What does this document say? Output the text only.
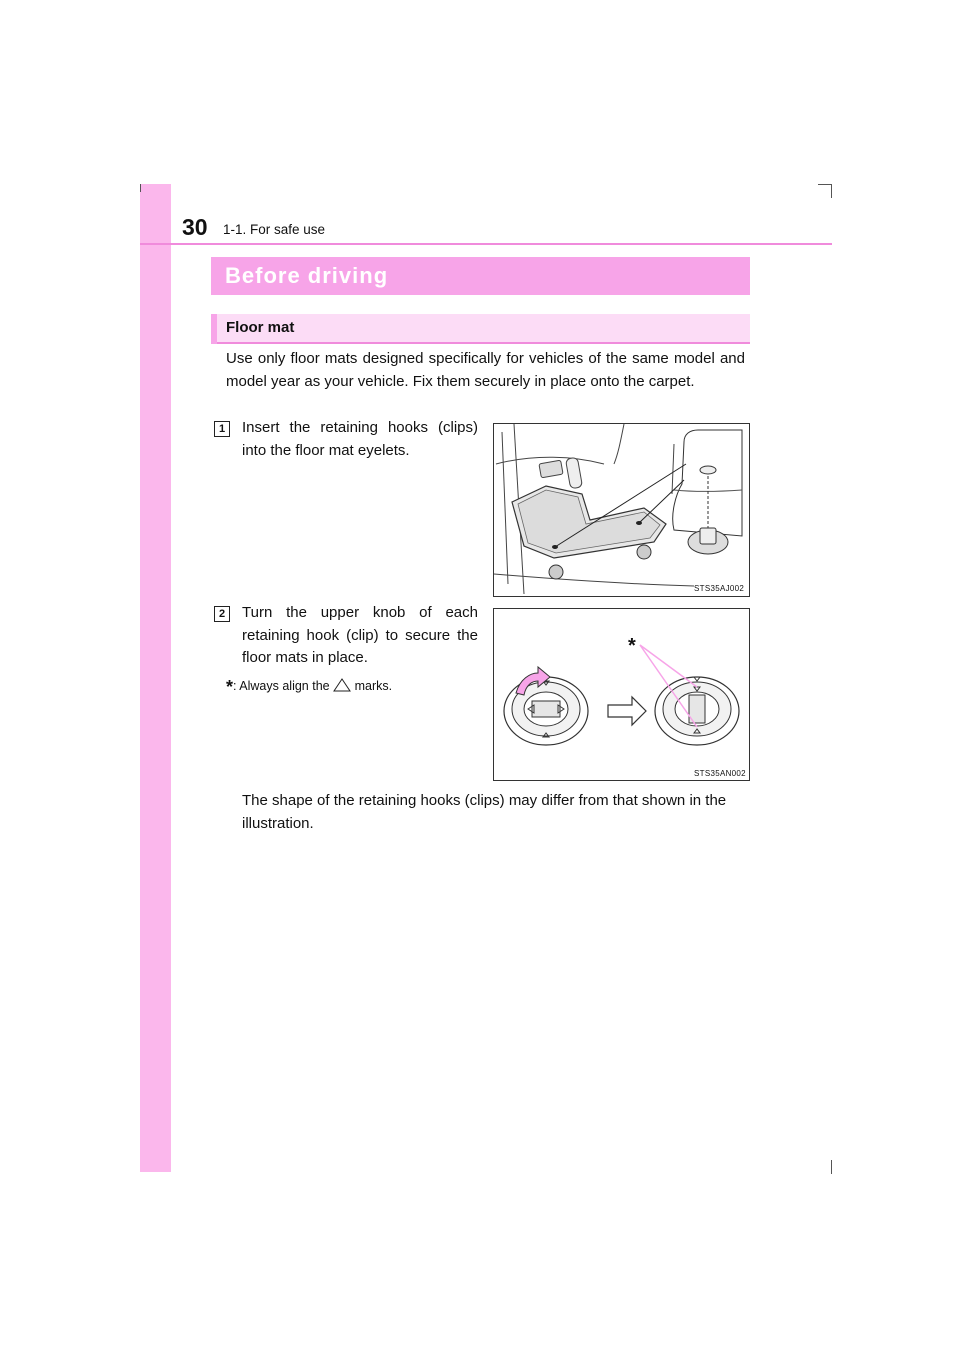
30 1-1. For safe use
Before driving
Floor mat
Use only floor mats designed specifically for vehicles of the same model and model year as your vehicle. Fix them securely in place onto the carpet.
1	Insert the retaining hooks (clips) into the floor mat eyelets.
STS35AJ002
2	Turn the upper knob of each retaining hook (clip) to secure the floor mats in place.
*: Always align the marks.
STS35AN002
*
The shape of the retaining hooks (clips) may differ from that shown in the illustration.
